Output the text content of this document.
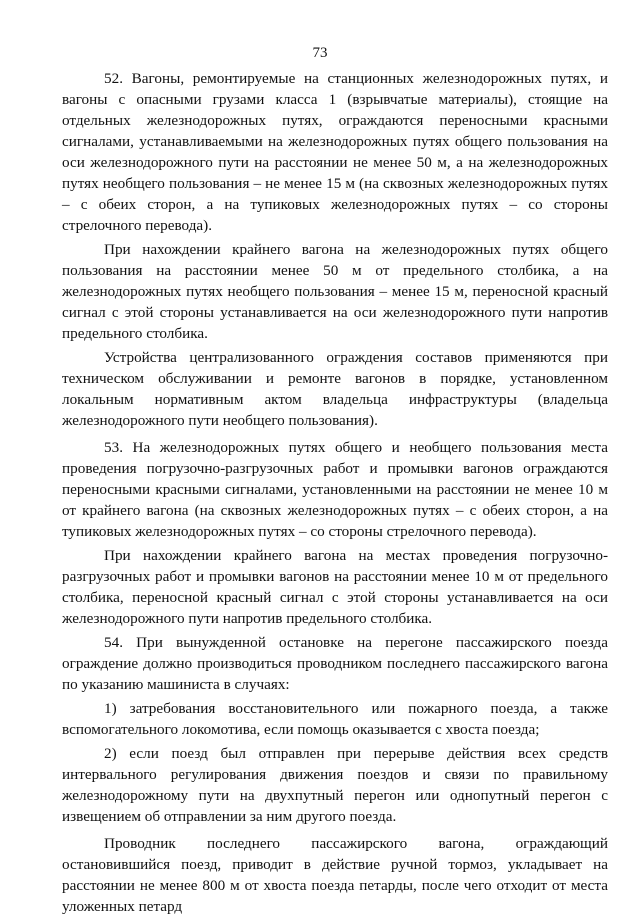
73

52. Вагоны, ремонтируемые на станционных железнодорожных путях, и вагоны с опасными грузами класса 1 (взрывчатые материалы), стоящие на отдельных железнодорожных путях, ограждаются переносными красными сигналами, устанавливаемыми на железнодорожных путях общего пользования на оси железнодорожного пути на расстоянии не менее 50 м, а на железнодорожных путях необщего пользования – не менее 15 м (на сквозных железнодорожных путях – с обеих сторон, а на тупиковых железнодорожных путях – со стороны стрелочного перевода).

При нахождении крайнего вагона на железнодорожных путях общего пользования на расстоянии менее 50 м от предельного столбика, а на железнодорожных путях необщего пользования – менее 15 м, переносной красный сигнал с этой стороны устанавливается на оси железнодорожного пути напротив предельного столбика.

Устройства централизованного ограждения составов применяются при техническом обслуживании и ремонте вагонов в порядке, установленном локальным нормативным актом владельца инфраструктуры (владельца железнодорожного пути необщего пользования).

53. На железнодорожных путях общего и необщего пользования места проведения погрузочно-разгрузочных работ и промывки вагонов ограждаются переносными красными сигналами, установленными на расстоянии не менее 10 м от крайнего вагона (на сквозных железнодорожных путях – с обеих сторон, а на тупиковых железнодорожных путях – со стороны стрелочного перевода).

При нахождении крайнего вагона на местах проведения погрузочно-разгрузочных работ и промывки вагонов на расстоянии менее 10 м от предельного столбика, переносной красный сигнал с этой стороны устанавливается на оси железнодорожного пути напротив предельного столбика.

54. При вынужденной остановке на перегоне пассажирского поезда ограждение должно производиться проводником последнего пассажирского вагона по указанию машиниста в случаях:

1) затребования восстановительного или пожарного поезда, а также вспомогательного локомотива, если помощь оказывается с хвоста поезда;

2) если поезд был отправлен при перерыве действия всех средств интервального регулирования движения поездов и связи по правильному железнодорожному пути на двухпутный перегон или однопутный перегон с извещением об отправлении за ним другого поезда.

Проводник последнего пассажирского вагона, ограждающий остановившийся поезд, приводит в действие ручной тормоз, укладывает на расстоянии не менее 800 м от хвоста поезда петарды, после чего отходит от места уложенных петард
